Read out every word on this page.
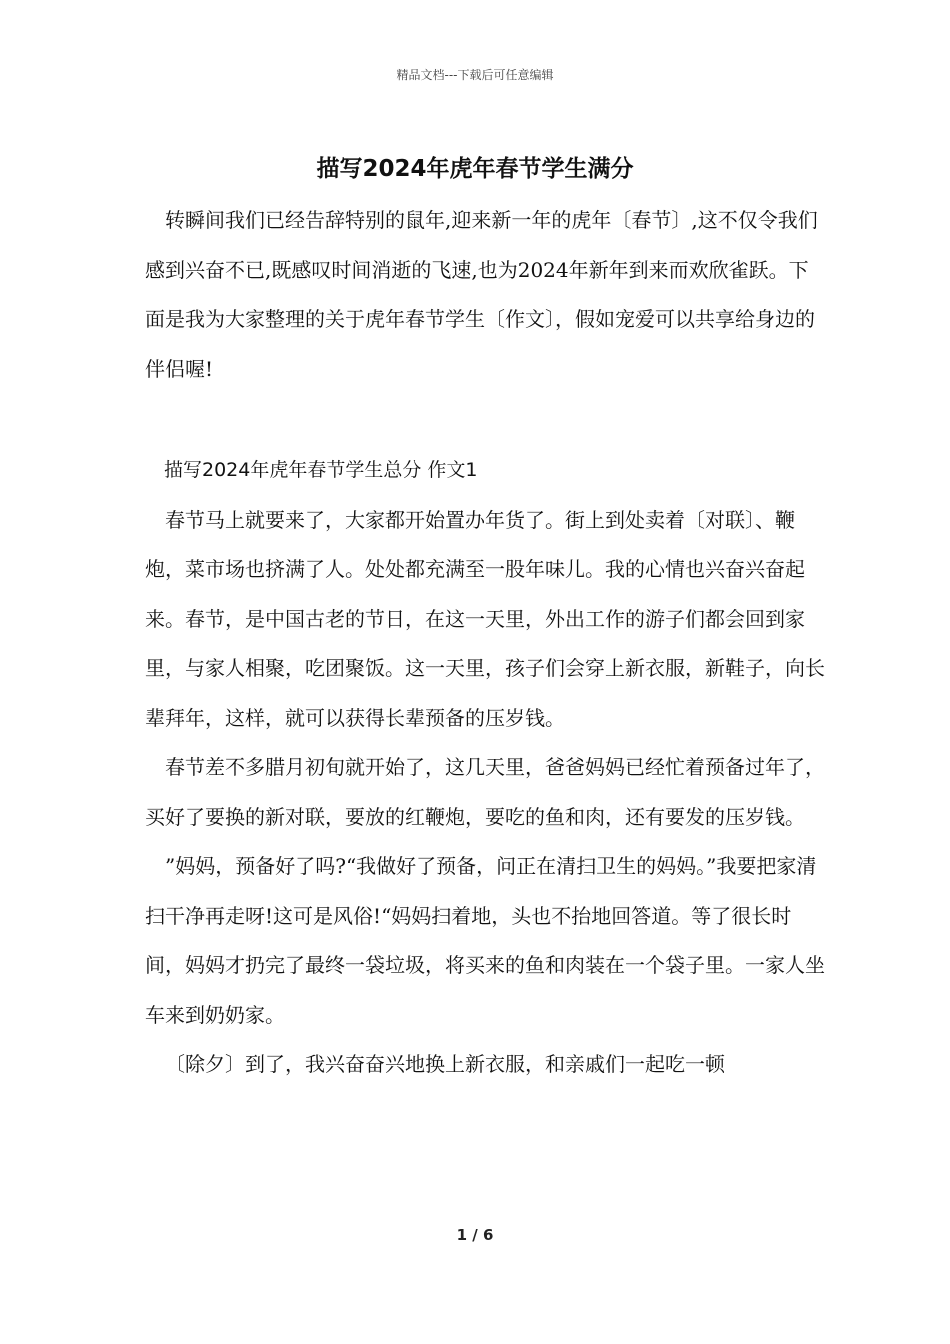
精品文档---下载后可任意编辑
描写2024年虎年春节学生满分

转瞬间我们已经告辞特别的鼠年,迎来新一年的虎年〔春节〕,这不仅令我们感到兴奋不已,既感叹时间消逝的飞速,也为2024年新年到来而欢欣雀跃。下面是我为大家整理的关于虎年春节学生〔作文〕，假如宠爱可以共享给身边的伴侣喔!

描写2024年虎年春节学生总分 作文1

春节马上就要来了，大家都开始置办年货了。街上到处卖着〔对联〕、鞭炮，菜市场也挤满了人。处处都充满至一股年味儿。我的心情也兴奋兴奋起来。春节，是中国古老的节日，在这一天里，外出工作的游子们都会回到家里，与家人相聚，吃团聚饭。这一天里，孩子们会穿上新衣服，新鞋子，向长辈拜年，这样，就可以获得长辈预备的压岁钱。

春节差不多腊月初旬就开始了，这几天里，爸爸妈妈已经忙着预备过年了，买好了要换的新对联，要放的红鞭炮，要吃的鱼和肉，还有要发的压岁钱。

”妈妈，预备好了吗?“我做好了预备，问正在清扫卫生的妈妈。”我要把家清扫干净再走呀!这可是风俗!“妈妈扫着地，头也不抬地回答道。等了很长时间，妈妈才扔完了最终一袋垃圾，将买来的鱼和肉装在一个袋子里。一家人坐车来到奶奶家。

〔除夕〕到了，我兴奋奋兴地换上新衣服，和亲戚们一起吃一顿

1 / 6
